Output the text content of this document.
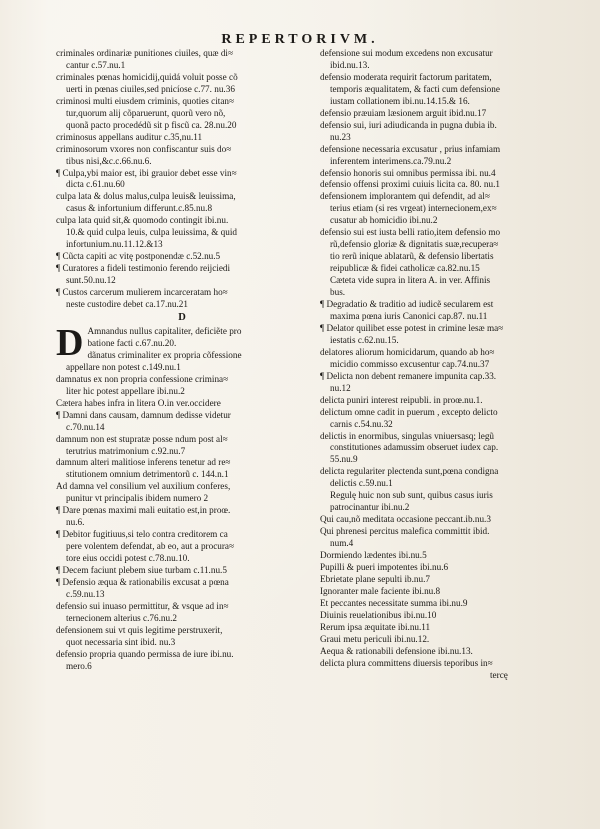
REPERTORIVM.
criminales ordinariæ punitiones ciuiles, quæ di≈
cantur c.57.nu.1
criminales pœnas homicidij,quidá voluit posse cõ
uerti in pœnas ciuiles,sed pnicíose c.77. nu.36
criminosi multi eiusdem criminis, quoties citan≈
tur,quorum alij cõparuerunt, quorũ vero nõ,
quonã pacto procedédũ sit p fiscũ ca. 28.nu.20
criminosus appellans auditur c.35,nu.11
criminosorum vxores non confiscantur suis do≈
tibus nisi,&c.c.66.nu.6.
¶ Culpa,ybi maior est, ibi grauior debet esse vin≈
dicta c.61.nu.60
culpa lata & dolus malus,culpa leuis& leuissima,
casus & infortunium differunt.c.85.nu.8
culpa lata quid sit,& quomodo contingit ibi.nu.
10.& quid culpa leuis, culpa leuissima, & quid
infortunium.nu.11.12.&13
¶ Cũcta capiti ac vitę postponendæ c.52.nu.5
¶ Curatores a fideli testimonio ferendo reijciedi
sunt.50.nu.12
¶ Custos carcerum mulierem incarceratam ho≈
neste custodire debet ca.17.nu.21
D
D Amnandus nullus capitaliter, deficiẽte pro
batione facti c.67.nu.20.
dãnatus criminaliter ex propria cõfessione
appellare non potest c.149.nu.1
damnatus ex non propria confessione crimina≈
liter hic potest appellare ibi.nu.2
Cætera habes infra in litera O.in ver.occidere
¶ Damni dans causam, damnum dedisse videtur
c.70.nu.14
damnum non est stupratæ posse ndum post al≈
terutrius matrimonium c.92.nu.7
damnum alteri malitiose inferens tenetur ad re≈
stitutionem omnium detrimentorũ c. 144.n.1
Ad damna vel consilium vel auxilium conferes,
punitur vt principalis ibidem numero 2
¶ Dare pœnas maximi mali euitatio est,in proœ.
nu.6.
¶ Debitor fugitiuus,si telo contra creditorem ca
pere volentem defendat, ab eo, aut a procura≈
tore eius occidi potest c.78.nu.10.
¶ Decem faciunt plebem siue turbam c.11.nu.5
¶ Defensio æqua & rationabilis excusat a pœna
c.59.nu.13
defensio sui inuaso permittitur, & vsque ad in≈
ternecionem alterius c.76.nu.2
defensionem sui vt quis legitime perstruxerit,
quot necessaria sint ibid. nu.3
defensio propria quando permissa de iure ibi.nu.
mero.6
defensione sui modum excedens non excusatur
ibid.nu.13.
defensio moderata requirit factorum paritatem,
temporis æqualitatem, & facti cum defensione
iustam collationem ibi.nu.14.15.& 16.
defensio præuiam læsionem arguit ibid.nu.17
defensio sui, iuri adiudicanda in pugna dubia ib.
nu.23
defensione necessaria excusatur , prius infamiam
inferentem interimens.ca.79.nu.2
defensio honoris sui omnibus permissa ibi. nu.4
defensio offensi proximi cuiuis licita ca. 80. nu.1
defensionem implorantem qui defendit, ad al≈
terius etiam (si res vrgeat) internecionem,ex≈
cusatur ab homicidio ibi.nu.2
defensio sui est iusta belli ratio,item defensio mo
rũ,defensio gloriæ & dignitatis suæ,recupera≈
tio rerũ inique ablatarũ, & defensio libertatis
reipublicæ & fidei catholicæ ca.82.nu.15
Cæteta vide supra in litera A. in ver. Affinis
bus.
¶ Degradatio & traditio ad iudicẽ secularem est
maxima pœna iuris Canonici cap.87. nu.11
¶ Delator quilibet esse potest in crimine lesæ ma≈
iestatis c.62.nu.15.
delatores aliorum homicidarum, quando ab ho≈
micidio commisso excusentur cap.74.nu.37
¶ Delicta non debent remanere impunita cap.33.
nu.12
delicta puniri interest reipubli. in proœ.nu.1.
delictum omne cadit in puerum , excepto delicto
carnis c.54.nu.32
delictis in enormibus, singulas vniuersasq; legũ
constitutiones adamussim obseruet iudex cap.
55.nu.9
delicta regulariter plectenda sunt,pœna condigna
delictis c.59.nu.1
Regulę huic non sub sunt, quibus casus iuris
patrocinantur ibi.nu.2
Qui cau,nõ meditata occasione peccant.ib.nu.3
Qui phrenesi percitus malefica committit ibid.
num.4
Dormiendo lædentes ibi.nu.5
Pupilli & pueri impotentes ibi.nu.6
Ebrietate plane sepulti ib.nu.7
Ignoranter male faciente ibi.nu.8
Et peccantes necessitate summa ibi.nu.9
Diuinis reuelationibus ibi.nu.10
Rerum ipsa æquitate ibi.nu.11
Graui metu periculi ibi.nu.12.
Aequa & rationabili defensione ibi.nu.13.
delicta plura committens diuersis teporibus in≈
tercę
